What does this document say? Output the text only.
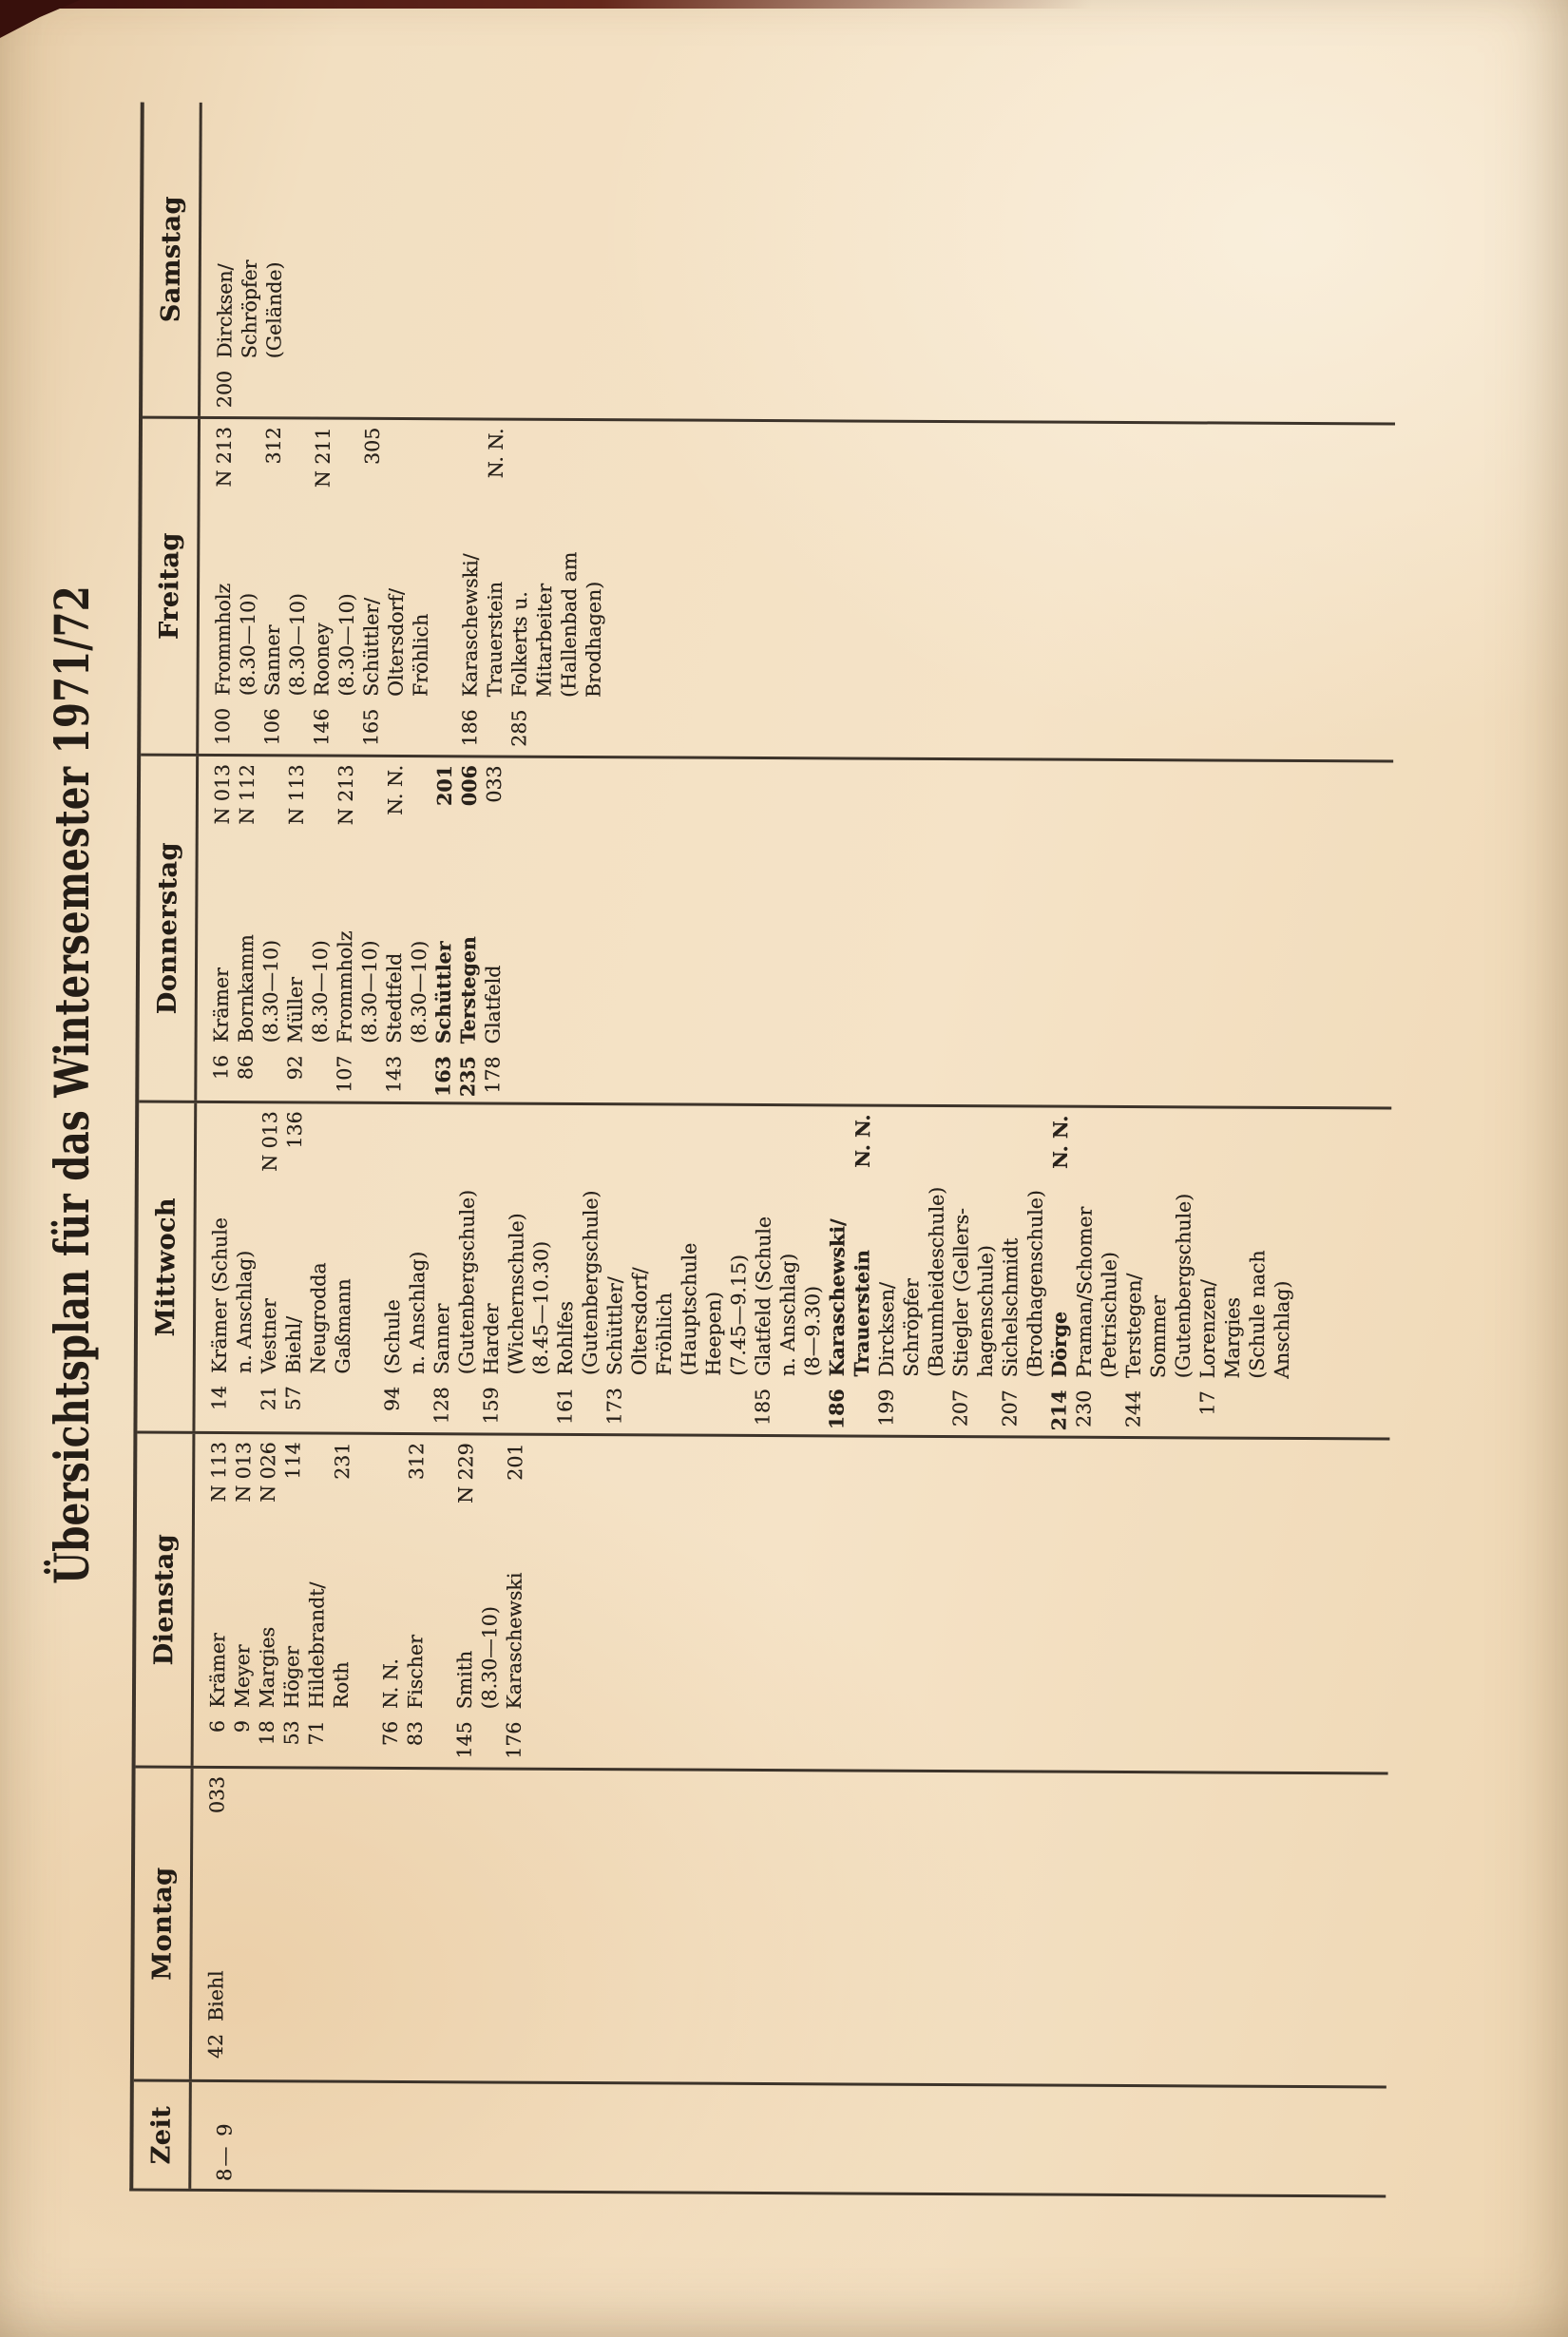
Übersichtsplan für das Wintersemester 1971/72
Zeit	8— 9
Montag
42
Biehl
033
Dienstag
6
Krämer
N 113
9
Meyer
N 013
18
Margies
N 026
53
Höger
114
71
Hildebrandt/ Roth
231
76
N. N.
83
Fischer
312
145
Smith
N 229
(8.30—10)
176
Karaschewski
201
Mittwoch
14
Krämer (Schule n. Anschlag)
21
Vestner
N 013
57
Biehl/
136
Neugrodda Gaßmann
94
(Schule n. Anschlag)
128
Sanner (Gutenbergschule)
159
Harder (Wichernschule) (8.45—10.30)
161
Rohlfes (Gutenbergschule)
173
Schüttler/ Oltersdorf/ Fröhlich (Hauptschule Heepen) (7.45—9.15)
185
Glatfeld (Schule n. Anschlag) (8—9.30)
186
Karaschewski/ Trauerstein
N. N.
199
Dircksen/ Schröpfer (Baumheideschule)
207
Stiegler (Gellers- hagenschule)
207
Sichelschmidt (Brodhagenschule)
214
Dörge
N. N.
230
Praman/Schomer (Petrischule)
244
Terstegen/ Sommer (Gutenbergschule)
17
Lorenzen/ Margies (Schule nach Anschlag)
Donnerstag
16
Krämer
N 013
86
Bornkamm
N 112
(8.30—10)
92
Müller
N 113
(8.30—10)
107
Frommholz
N 213
(8.30—10)
143
Stedtfeld
N. N.
(8.30—10)
163
Schüttler
201
235
Terstegen
006
178
Glatfeld
033
Freitag
100
Frommholz
N 213
(8.30—10)
106
Sanner
312
(8.30—10)
146
Rooney
N 211
(8.30—10)
165
Schüttler/
305
Oltersdorf/ Fröhlich
186
Karaschewski/ Trauerstein
N. N.
285
Folkerts u. Mitarbeiter (Hallenbad am Brodhagen)
Samstag
200
Dircksen/ Schröpfer (Gelände)
